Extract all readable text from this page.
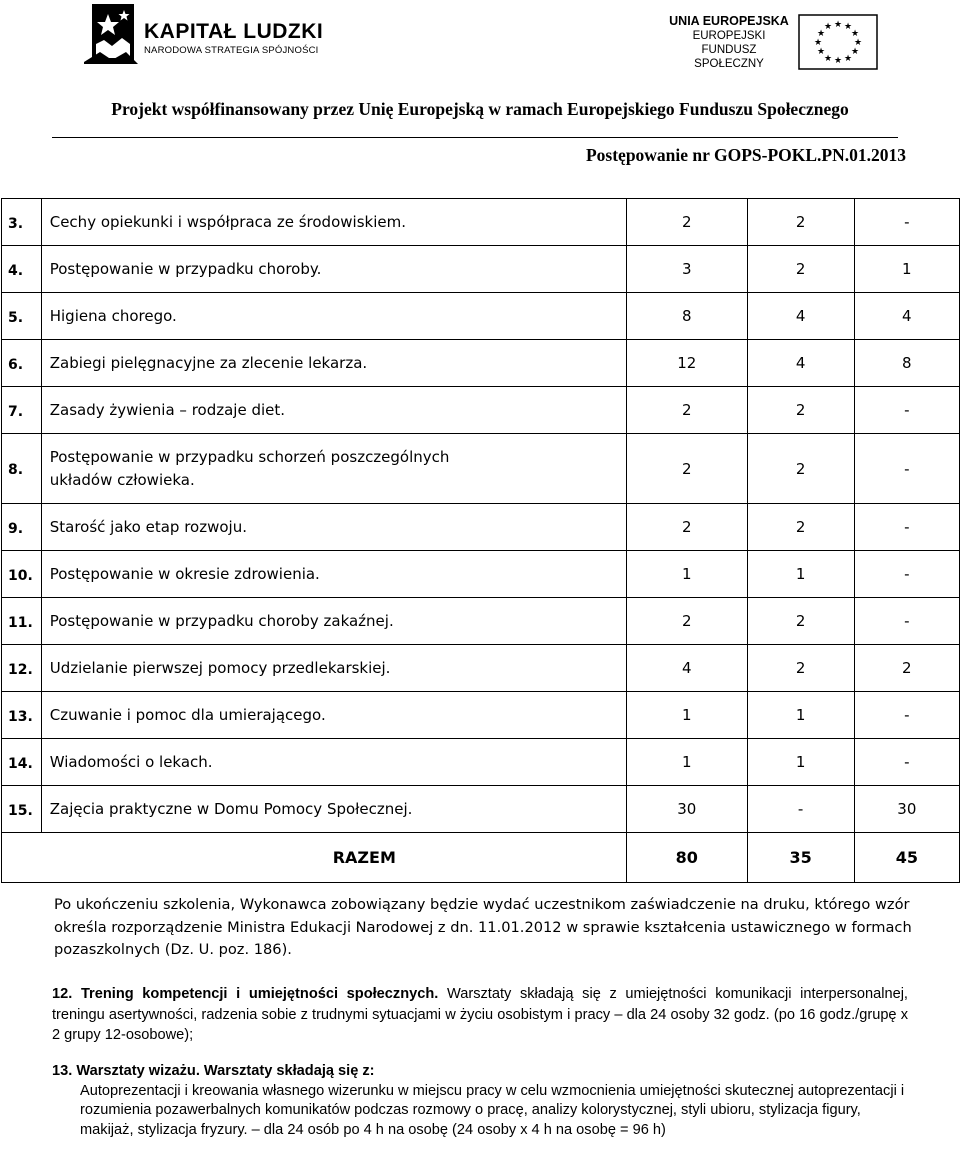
KAPITAŁ LUDZKI
NARODOWA STRATEGIA SPÓJNOŚCI
UNIA EUROPEJSKA
EUROPEJSKI
FUNDUSZ SPOŁECZNY
★ ★
★
★
★
★
★
★
★
★
★
★
Projekt współfinansowany przez Unię Europejską w ramach Europejskiego Funduszu Społecznego
Postępowanie nr GOPS-POKL.PN.01.2013
3.	Cechy opiekunki i współpraca ze środowiskiem.	2	2	-
4.	Postępowanie w przypadku choroby.	3	2	1
5.	Higiena chorego.	8	4	4
6.	Zabiegi pielęgnacyjne za zlecenie lekarza.	12	4	8
7.	Zasady żywienia – rodzaje diet.	2	2	-
8.	Postępowanie w przypadku schorzeń poszczególnych układów człowieka.	2	2	-
9.	Starość jako etap rozwoju.	2	2	-
10.	Postępowanie w okresie zdrowienia.	1	1	-
11.	Postępowanie w przypadku choroby zakaźnej.	2	2	-
12.	Udzielanie pierwszej pomocy przedlekarskiej.	4	2	2
13.	Czuwanie i pomoc dla umierającego.	1	1	-
14.	Wiadomości o lekach.	1	1	-
15.	Zajęcia praktyczne w Domu Pomocy Społecznej.	30	-	30
RAZEM		80	35	45
Po ukończeniu szkolenia, Wykonawca zobowiązany będzie wydać uczestnikom zaświadczenie na druku, którego wzór określa rozporządzenie Ministra Edukacji Narodowej z dn. 11.01.2012 w sprawie kształcenia ustawicznego w formach pozaszkolnych (Dz. U. poz. 186).
12. Trening kompetencji i umiejętności społecznych. Warsztaty składają się z umiejętności komunikacji interpersonalnej, treningu asertywności, radzenia sobie z trudnymi sytuacjami w życiu osobistym i pracy – dla 24 osoby 32 godz. (po 16 godz./grupę x 2 grupy 12-osobowe);
13. Warsztaty wizażu. Warsztaty składają się z:
Autoprezentacji i kreowania własnego wizerunku w miejscu pracy w celu wzmocnienia umiejętności skutecznej autoprezentacji i rozumienia pozawerbalnych komunikatów podczas rozmowy o pracę, analizy kolorystycznej, styli ubioru, stylizacja figury, makijaż, stylizacja fryzury. – dla 24 osób po 4 h na osobę (24 osoby x 4 h na osobę = 96 h)
